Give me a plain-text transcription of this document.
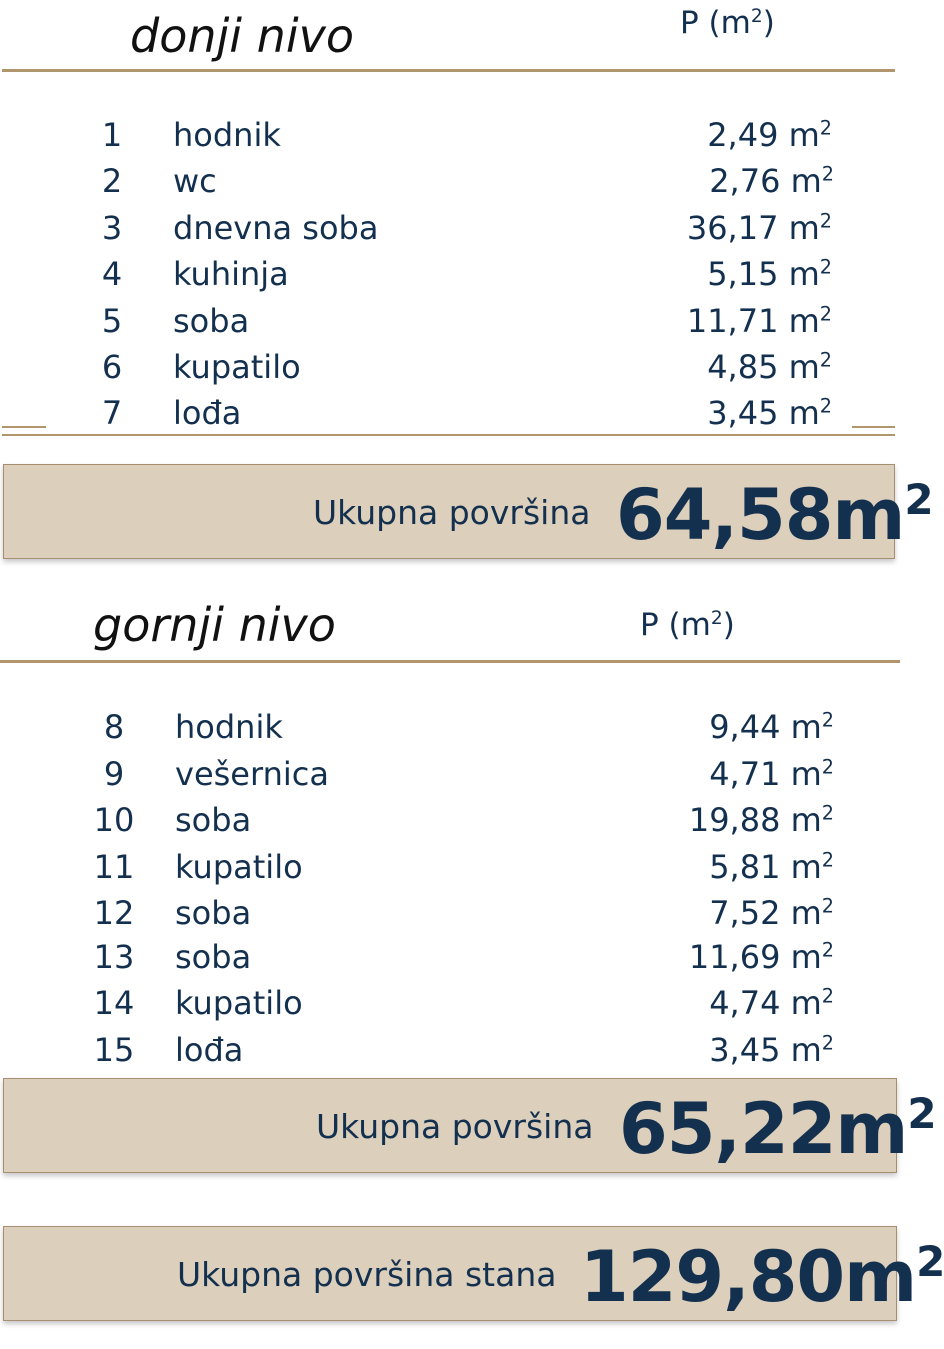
donji nivo	P $(m^2)$
1	hodnik	2,49 $m^2$
2	wc	2,76 $m^2$
3	dnevna soba	36,17 $m^2$
4	kuhinja	5,15 $m^2$
5	soba	11,71 $m^2$
6	kupatilo	4,85 $m^2$
7	lođa	3,45 $m^2$
Ukupna površina $64,58m^2$
gornji nivo	P $(m^2)$
8	hodnik	9,44 $m^2$
9	vešernica	4,71 $m^2$
10	soba	19,88 $m^2$
11	kupatilo	5,81 $m^2$
12	soba	7,52 $m^2$
13	soba	11,69 $m^2$
14	kupatilo	4,74 $m^2$
15	lođa	3,45 $m^2$
Ukupna površina $65,22m^2$
Ukupna površina stana $129,80m^2$
